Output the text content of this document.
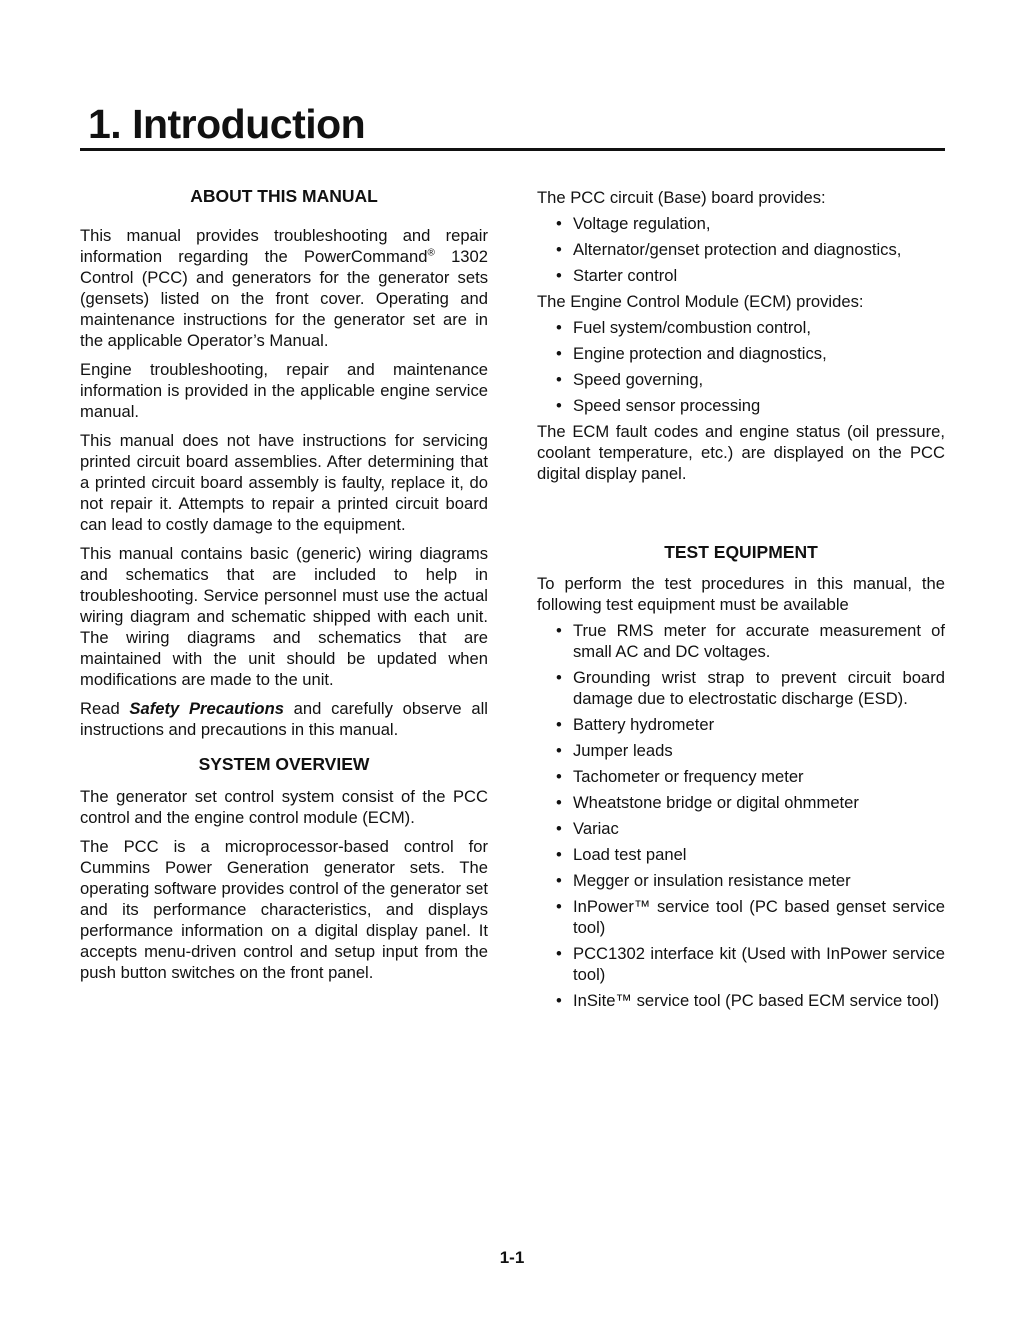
1. Introduction
ABOUT THIS MANUAL

This manual provides troubleshooting and repair information regarding the PowerCommand® 1302 Control (PCC) and generators for the generator sets (gensets) listed on the front cover. Operating and maintenance instructions for the generator set are in the applicable Operator’s Manual.

Engine troubleshooting, repair and maintenance information is provided in the applicable engine service manual.

This manual does not have instructions for servicing printed circuit board assemblies. After determining that a printed circuit board assembly is faulty, replace it, do not repair it. Attempts to repair a printed circuit board can lead to costly damage to the equipment.

This manual contains basic (generic) wiring diagrams and schematics that are included to help in troubleshooting. Service personnel must use the actual wiring diagram and schematic shipped with each unit. The wiring diagrams and schematics that are maintained with the unit should be updated when modifications are made to the unit.

Read Safety Precautions and carefully observe all instructions and precautions in this manual.

SYSTEM OVERVIEW

The generator set control system consist of the PCC control and the engine control module (ECM).

The PCC is a microprocessor-based control for Cummins Power Generation generator sets. The operating software provides control of the generator set and its performance characteristics, and displays performance information on a digital display panel. It accepts menu-driven control and setup input from the push button switches on the front panel.

The PCC circuit (Base) board provides:

• Voltage regulation,
• Alternator/genset protection and diagnostics,
• Starter control

The Engine Control Module (ECM) provides:

• Fuel system/combustion control,
• Engine protection and diagnostics,
• Speed governing,
• Speed sensor processing

The ECM fault codes and engine status (oil pressure, coolant temperature, etc.) are displayed on the PCC digital display panel.

TEST EQUIPMENT

To perform the test procedures in this manual, the following test equipment must be available

• True RMS meter for accurate measurement of small AC and DC voltages.
• Grounding wrist strap to prevent circuit board damage due to electrostatic discharge (ESD).
• Battery hydrometer
• Jumper leads
• Tachometer or frequency meter
• Wheatstone bridge or digital ohmmeter
• Variac
• Load test panel
• Megger or insulation resistance meter
• InPower™ service tool (PC based genset service tool)
• PCC1302 interface kit (Used with InPower service tool)
• InSite™ service tool (PC based ECM service tool)
1-1
